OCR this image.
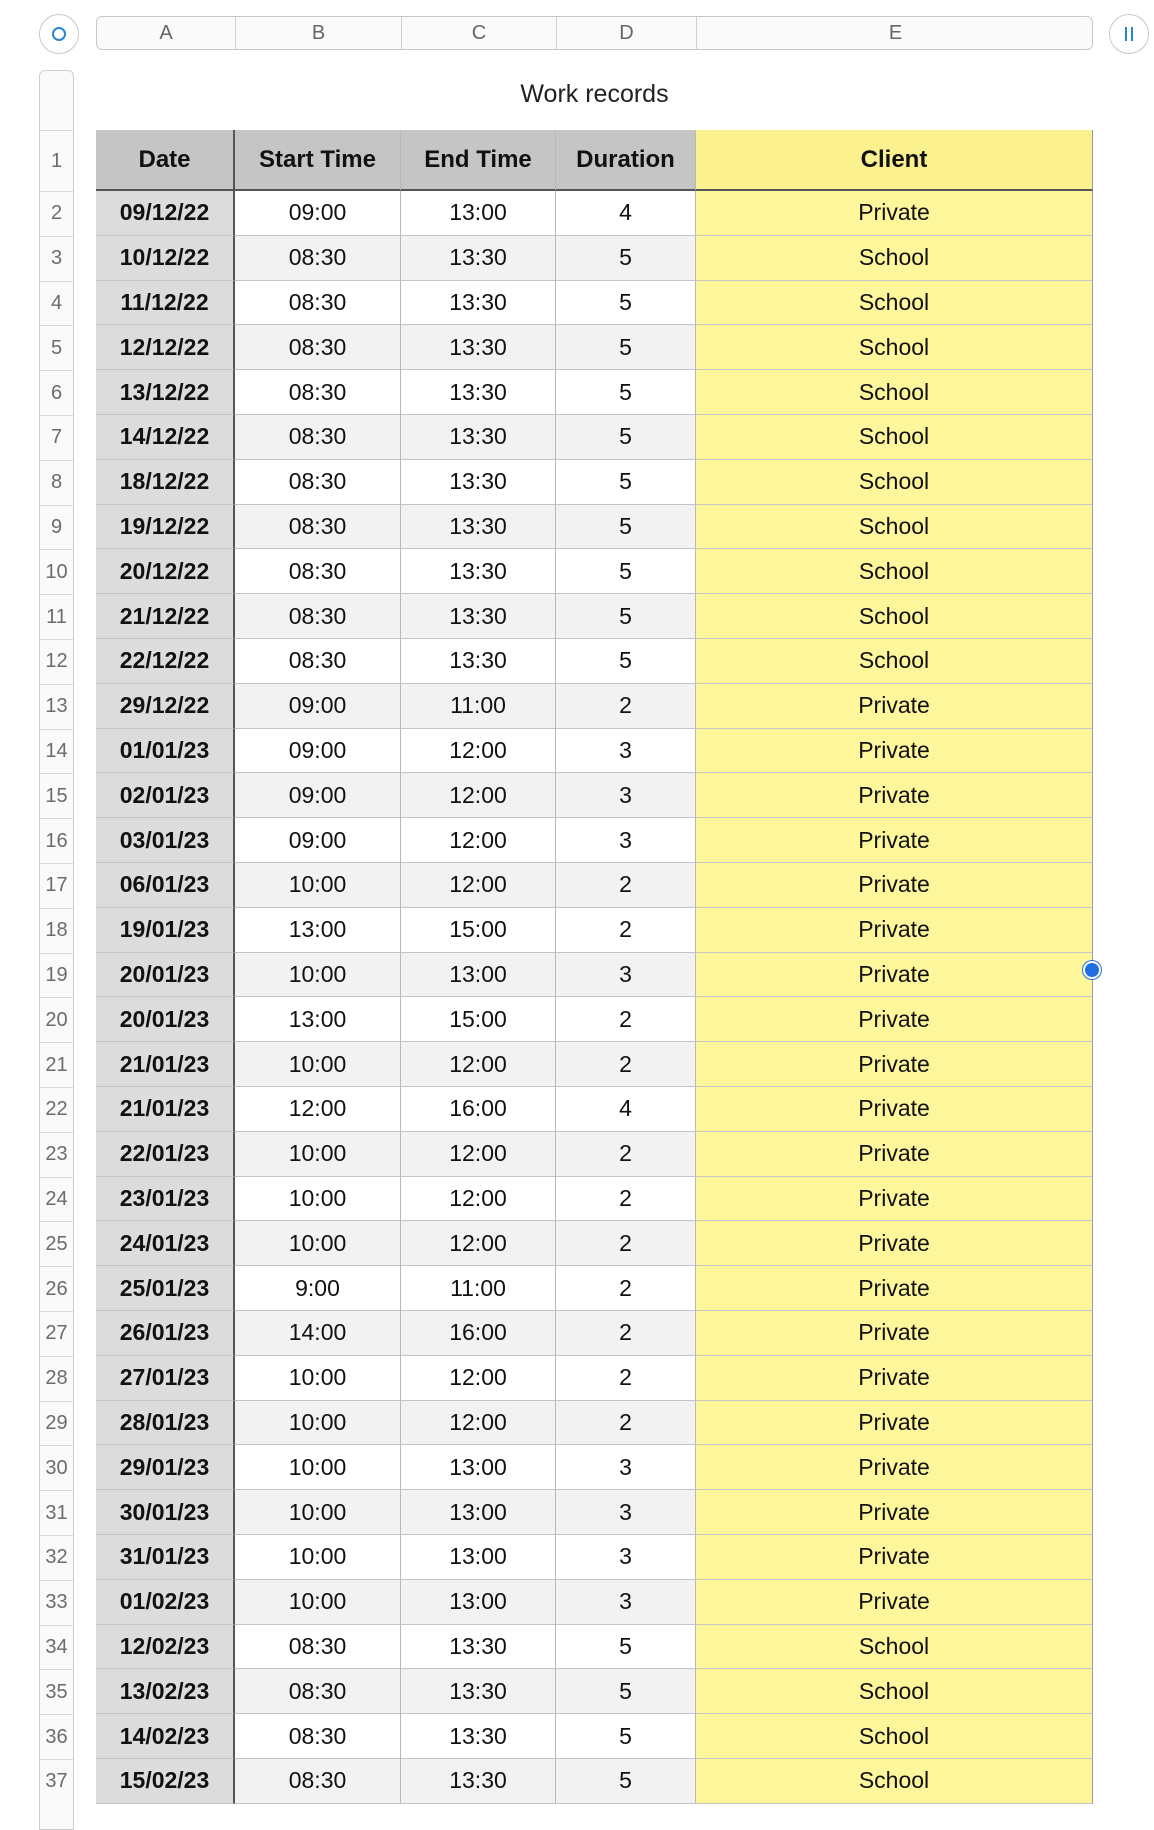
A	B	C	D	E
1
2
3
4
5
6
7
8
9
10
11
12
13
14
15
16
17
18
19
20
21
22
23
24
25
26
27
28
29
30
31
32
33
34
35
36
37
Work records
Date	Start Time	End Time	Duration	Client
09/12/22	09:00	13:00	4	Private
10/12/22	08:30	13:30	5	School
11/12/22	08:30	13:30	5	School
12/12/22	08:30	13:30	5	School
13/12/22	08:30	13:30	5	School
14/12/22	08:30	13:30	5	School
18/12/22	08:30	13:30	5	School
19/12/22	08:30	13:30	5	School
20/12/22	08:30	13:30	5	School
21/12/22	08:30	13:30	5	School
22/12/22	08:30	13:30	5	School
29/12/22	09:00	11:00	2	Private
01/01/23	09:00	12:00	3	Private
02/01/23	09:00	12:00	3	Private
03/01/23	09:00	12:00	3	Private
06/01/23	10:00	12:00	2	Private
19/01/23	13:00	15:00	2	Private
20/01/23	10:00	13:00	3	Private
20/01/23	13:00	15:00	2	Private
21/01/23	10:00	12:00	2	Private
21/01/23	12:00	16:00	4	Private
22/01/23	10:00	12:00	2	Private
23/01/23	10:00	12:00	2	Private
24/01/23	10:00	12:00	2	Private
25/01/23	9:00	11:00	2	Private
26/01/23	14:00	16:00	2	Private
27/01/23	10:00	12:00	2	Private
28/01/23	10:00	12:00	2	Private
29/01/23	10:00	13:00	3	Private
30/01/23	10:00	13:00	3	Private
31/01/23	10:00	13:00	3	Private
01/02/23	10:00	13:00	3	Private
12/02/23	08:30	13:30	5	School
13/02/23	08:30	13:30	5	School
14/02/23	08:30	13:30	5	School
15/02/23	08:30	13:30	5	School
